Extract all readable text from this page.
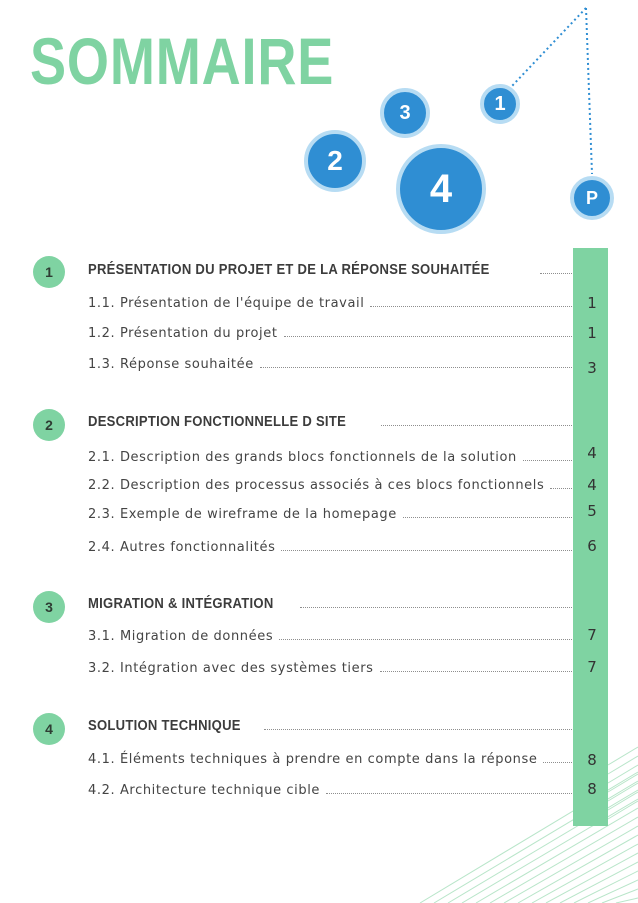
SOMMAIRE
1
3
2
4	P
1	PRÉSENTATION DU PROJET ET DE LA RÉPONSE SOUHAITÉE
1.1. Présentation de l'équipe de travail	1
1.2. Présentation du projet	1
1.3. Réponse souhaitée	3
2	DESCRIPTION FONCTIONNELLE D SITE
2.1. Description des grands blocs fonctionnels de la solution	4
2.2. Description des processus associés à ces blocs fonctionnels	4
2.3. Exemple de wireframe de la homepage	5
2.4. Autres fonctionnalités	6
3	MIGRATION & INTÉGRATION
3.1. Migration de données	7
3.2. Intégration avec des systèmes tiers	7
4	SOLUTION TECHNIQUE
4.1. Éléments techniques à prendre en compte dans la réponse	8
4.2. Architecture technique cible	8
